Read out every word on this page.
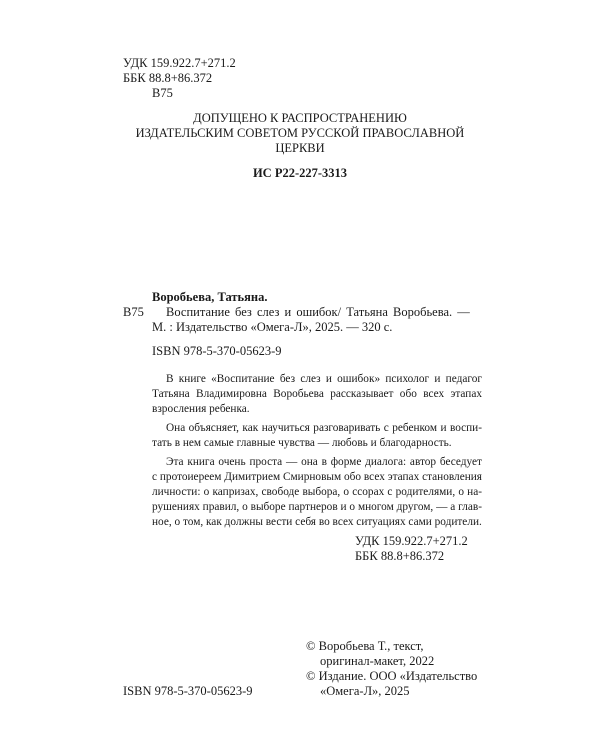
УДК 159.922.7+271.2
ББК 88.8+86.372
В75
ДОПУЩЕНО К РАСПРОСТРАНЕНИЮ
ИЗДАТЕЛЬСКИМ СОВЕТОМ РУССКОЙ ПРАВОСЛАВНОЙ
ЦЕРКВИ
ИС Р22-227-3313
Воробьева, Татьяна.
В75 Воспитание без слез и ошибок/ Татьяна Воробьева. —
М. : Издательство «Омега-Л», 2025. — 320 с.
ISBN 978-5-370-05623-9
В книге «Воспитание без слез и ошибок» психолог и педагог
Татьяна Владимировна Воробьева рассказывает обо всех этапах
взросления ребенка.
Она объясняет, как научиться разговаривать с ребенком и воспи-
тать в нем самые главные чувства — любовь и благодарность.
Эта книга очень проста — она в форме диалога: автор беседует
с протоиереем Димитрием Смирновым обо всех этапах становления
личности: о капризах, свободе выбора, о ссорах с родителями, о на-
рушениях правил, о выборе партнеров и о многом другом, — а глав-
ное, о том, как должны вести себя во всех ситуациях сами родители.
УДК 159.922.7+271.2
ББК 88.8+86.372
© Воробьева Т., текст,
оригинал-макет, 2022
© Издание. ООО «Издательство
«Омега-Л», 2025
ISBN 978-5-370-05623-9
